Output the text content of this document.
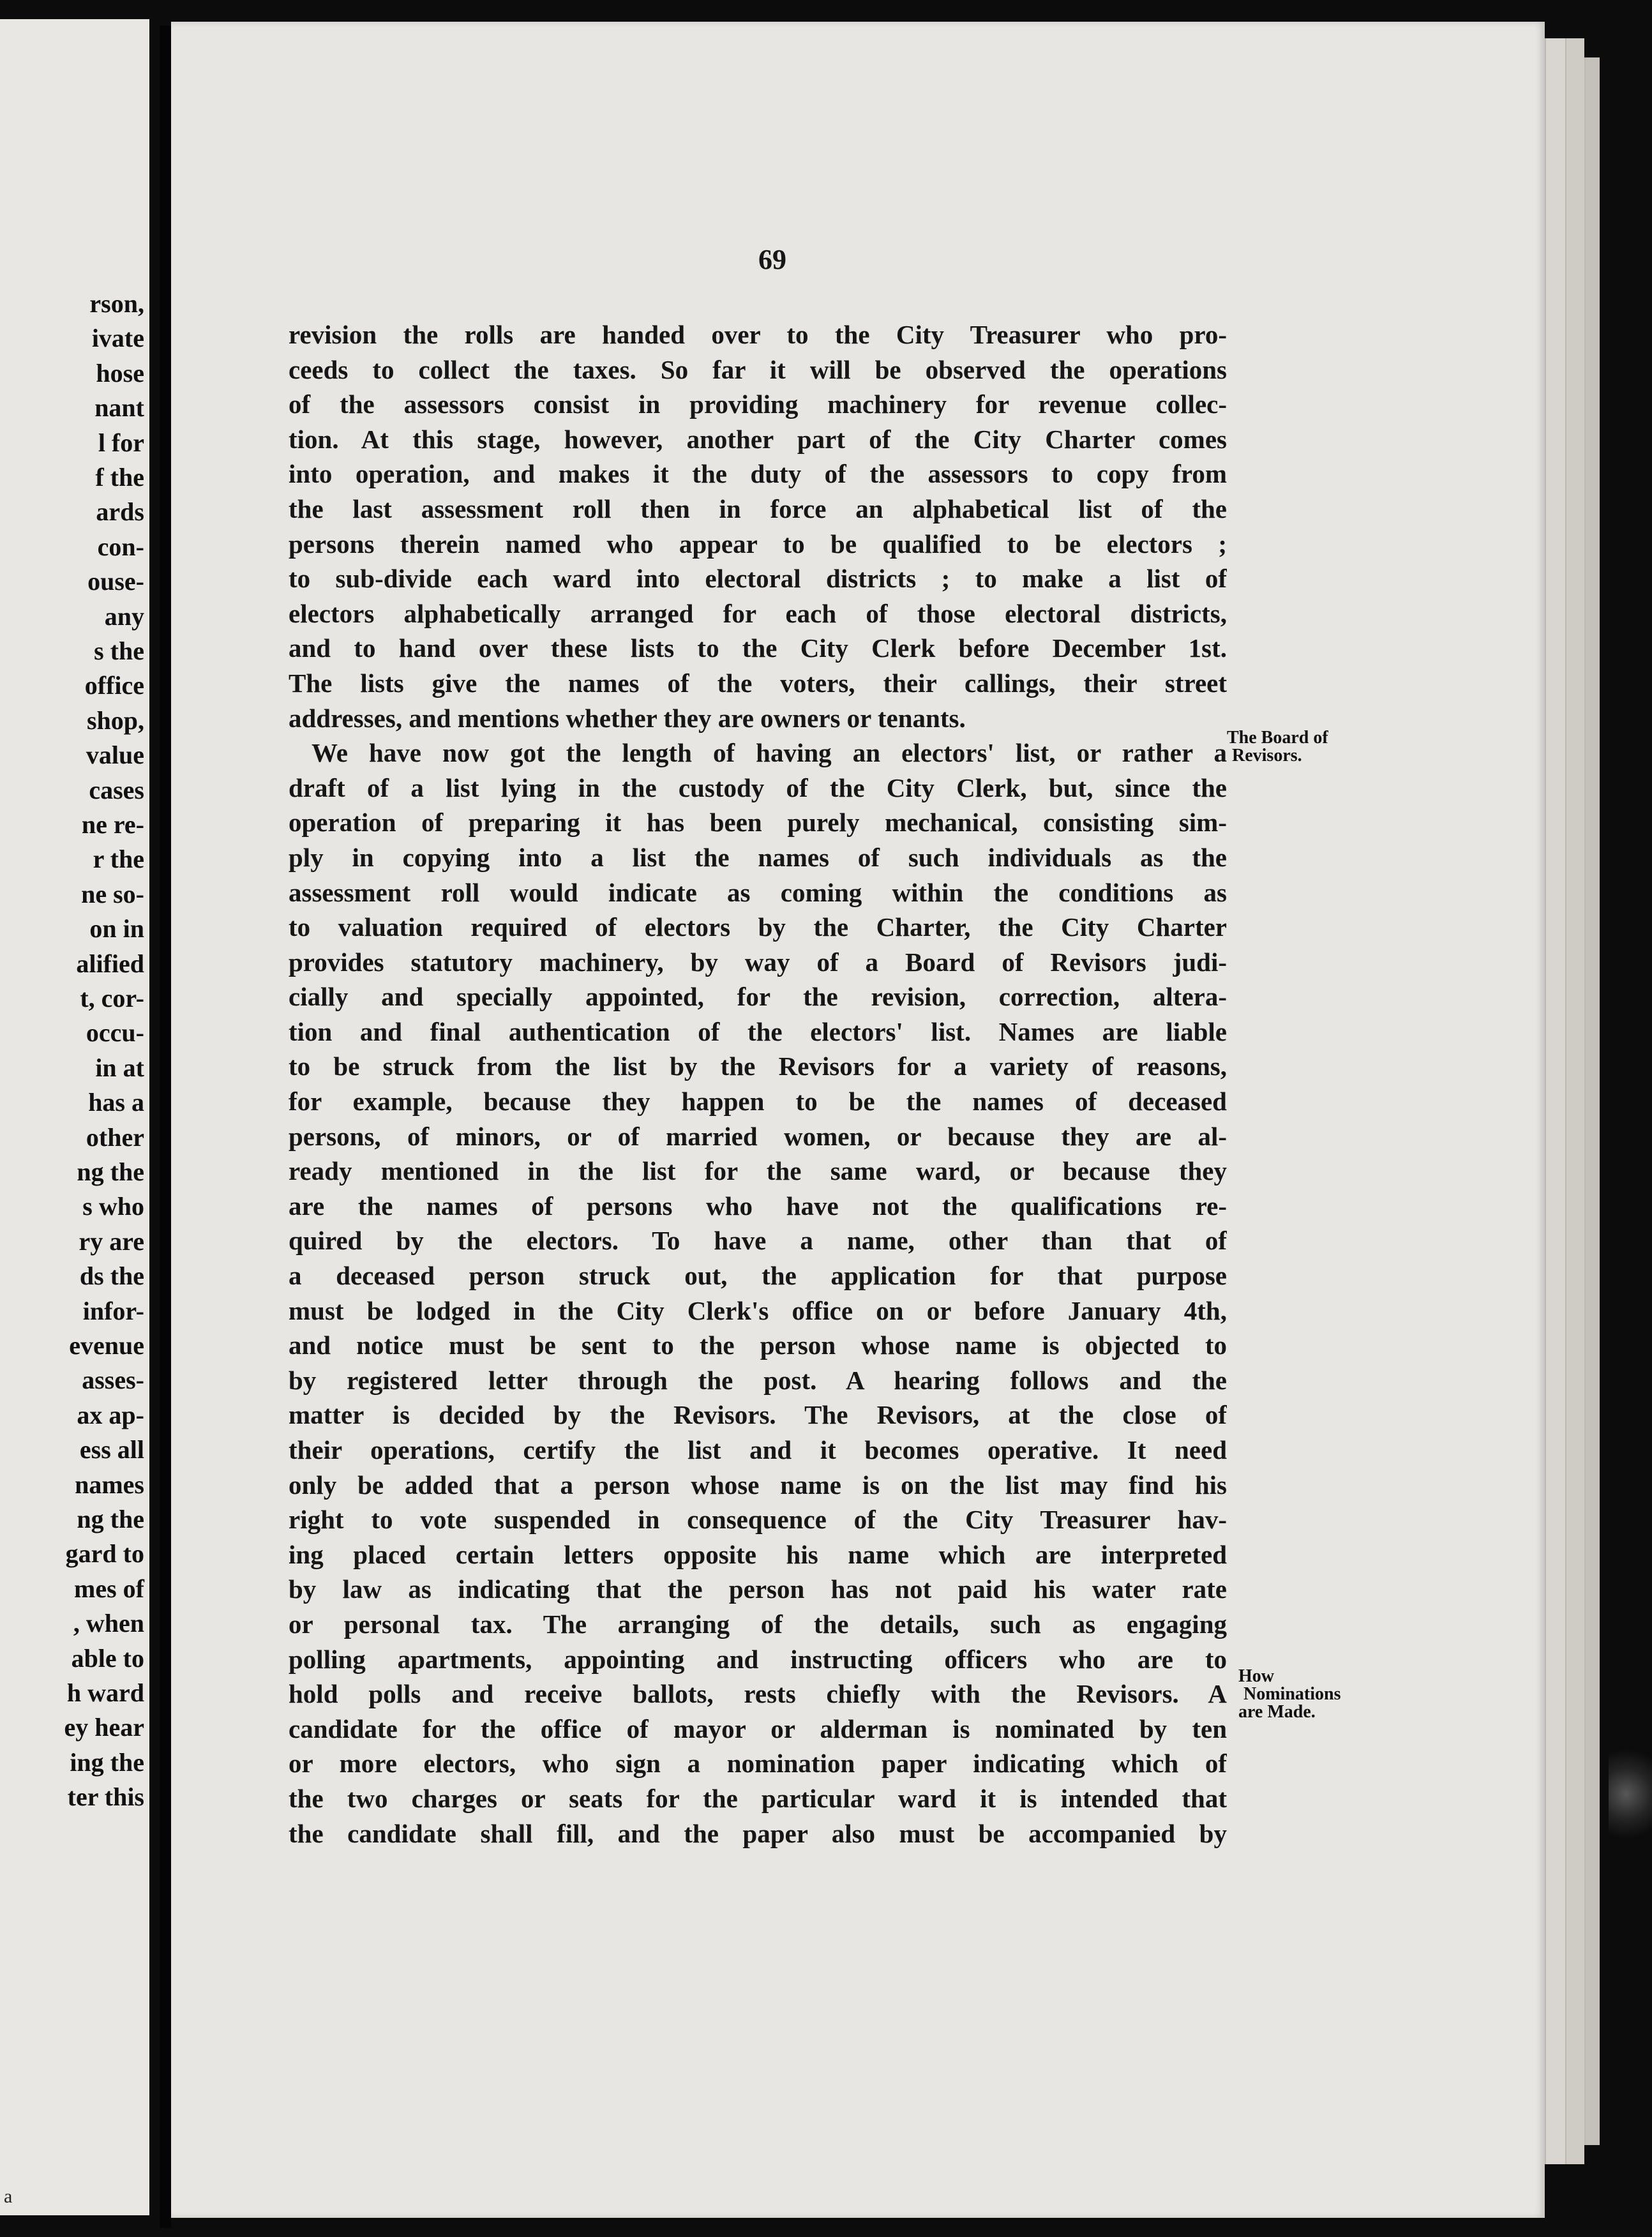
rson,
ivate
hose
nant
l for
f the
ards
con-
ouse-
any
s the
office
shop,
value
cases
ne re-
r the
ne so-
on in
alified
t, cor-
occu-
in at
has a
other
ng the
s who
ry are
ds the
infor-
evenue
asses-
ax ap-
ess all
names
ng the
gard to
mes of
, when
able to
h ward
ey hear
ing the
ter this
a
69
revision the rolls are handed over to the City Treasurer who pro-
ceeds to collect the taxes. So far it will be observed the operations
of the assessors consist in providing machinery for revenue collec-
tion. At this stage, however, another part of the City Charter comes
into operation, and makes it the duty of the assessors to copy from
the last assessment roll then in force an alphabetical list of the
persons therein named who appear to be qualified to be electors ;
to sub-divide each ward into electoral districts ; to make a list of
electors alphabetically arranged for each of those electoral districts,
and to hand over these lists to the City Clerk before December 1st.
The lists give the names of the voters, their callings, their street
addresses, and mentions whether they are owners or tenants.
We have now got the length of having an electors' list, or rather a
draft of a list lying in the custody of the City Clerk, but, since the
operation of preparing it has been purely mechanical, consisting sim-
ply in copying into a list the names of such individuals as the
assessment roll would indicate as coming within the conditions as
to valuation required of electors by the Charter, the City Charter
provides statutory machinery, by way of a Board of Revisors judi-
cially and specially appointed, for the revision, correction, altera-
tion and final authentication of the electors' list. Names are liable
to be struck from the list by the Revisors for a variety of reasons,
for example, because they happen to be the names of deceased
persons, of minors, or of married women, or because they are al-
ready mentioned in the list for the same ward, or because they
are the names of persons who have not the qualifications re-
quired by the electors. To have a name, other than that of
a deceased person struck out, the application for that purpose
must be lodged in the City Clerk's office on or before January 4th,
and notice must be sent to the person whose name is objected to
by registered letter through the post. A hearing follows and the
matter is decided by the Revisors. The Revisors, at the close of
their operations, certify the list and it becomes operative. It need
only be added that a person whose name is on the list may find his
right to vote suspended in consequence of the City Treasurer hav-
ing placed certain letters opposite his name which are interpreted
by law as indicating that the person has not paid his water rate
or personal tax. The arranging of the details, such as engaging
polling apartments, appointing and instructing officers who are to
hold polls and receive ballots, rests chiefly with the Revisors. A
candidate for the office of mayor or alderman is nominated by ten
or more electors, who sign a nomination paper indicating which of
the two charges or seats for the particular ward it is intended that
the candidate shall fill, and the paper also must be accompanied by
The Board of
Revisors.
How
Nominations
are Made.
